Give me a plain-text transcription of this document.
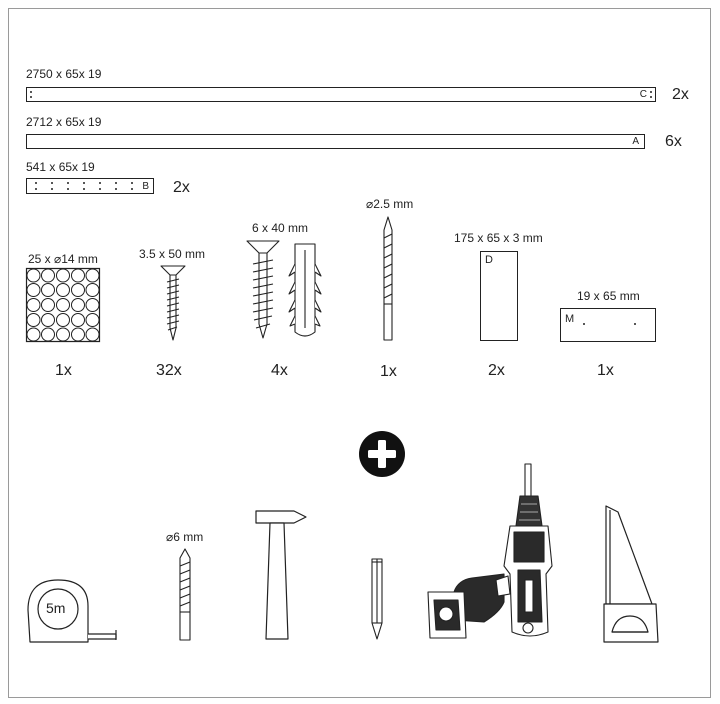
2750 x 65x 19
C 2x
2712 x 65x 19
A 6x
541 x 65x 19
B 2x
25 x ⌀14 mm
1x
3.5 x 50 mm
32x
6 x 40 mm
4x
⌀2.5 mm
1x
175 x 65 x 3 mm
D
2x
19 x 65 mm
M
1x
5m
⌀6 mm
